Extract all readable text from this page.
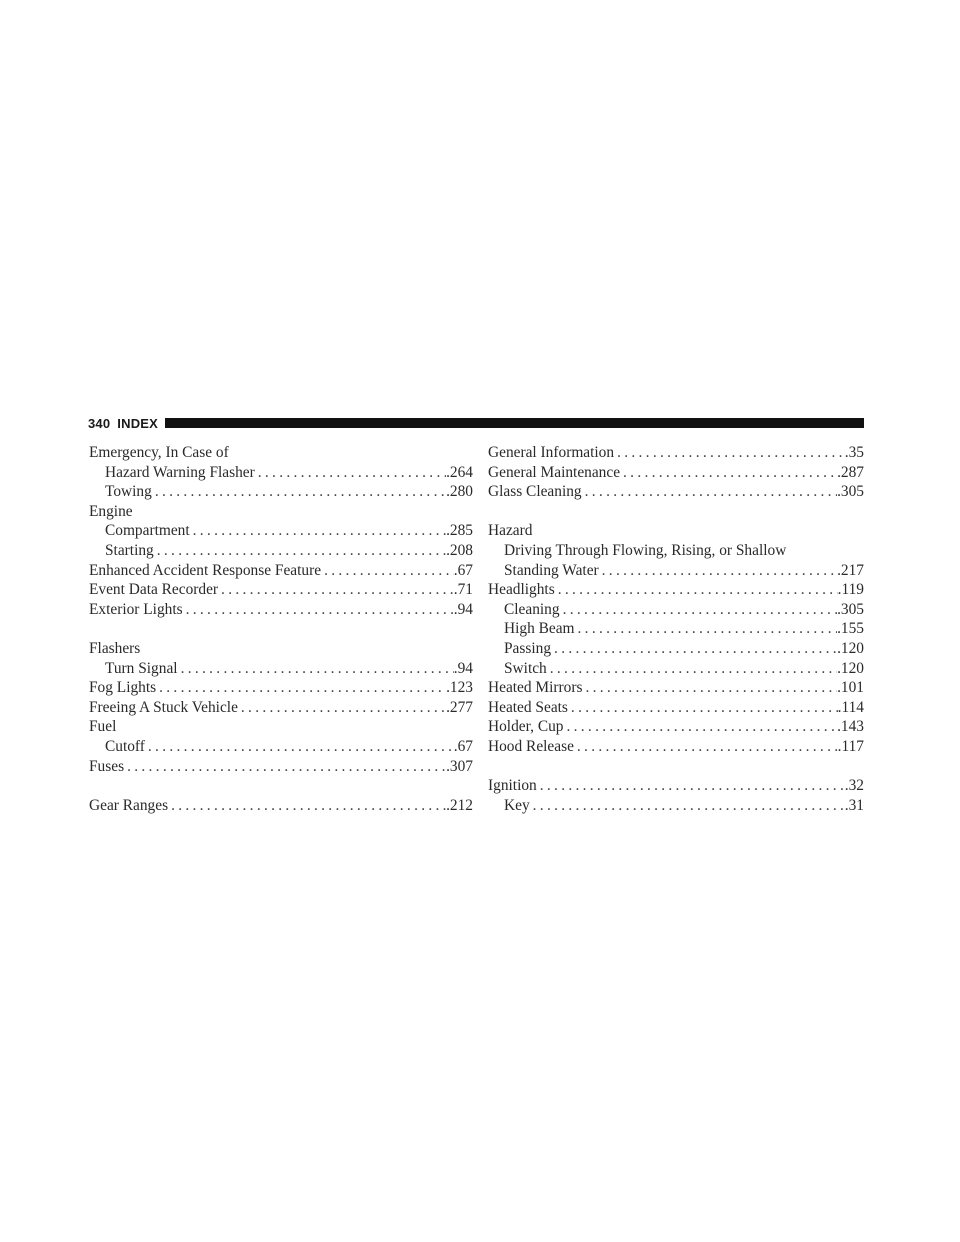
340 INDEX
Emergency, In Case of
Hazard Warning Flasher .....	.264
Towing .....	.280
Engine
Compartment .....	.285
Starting .....	.208
Enhanced Accident Response Feature .....	.67
Event Data Recorder .....	.71
Exterior Lights .....	.94
Flashers
Turn Signal .....	.94
Fog Lights .....	.123
Freeing A Stuck Vehicle .....	.277
Fuel
Cutoff .....	.67
Fuses .....	.307
Gear Ranges .....	.212
General Information .....	.35
General Maintenance .....	.287
Glass Cleaning .....	.305
Hazard
Driving Through Flowing, Rising, or Shallow
Standing Water .....	.217
Headlights .....	.119
Cleaning .....	.305
High Beam .....	.155
Passing .....	.120
Switch .....	.120
Heated Mirrors .....	.101
Heated Seats .....	.114
Holder, Cup .....	.143
Hood Release .....	.117
Ignition .....	.32
Key .....	.31
